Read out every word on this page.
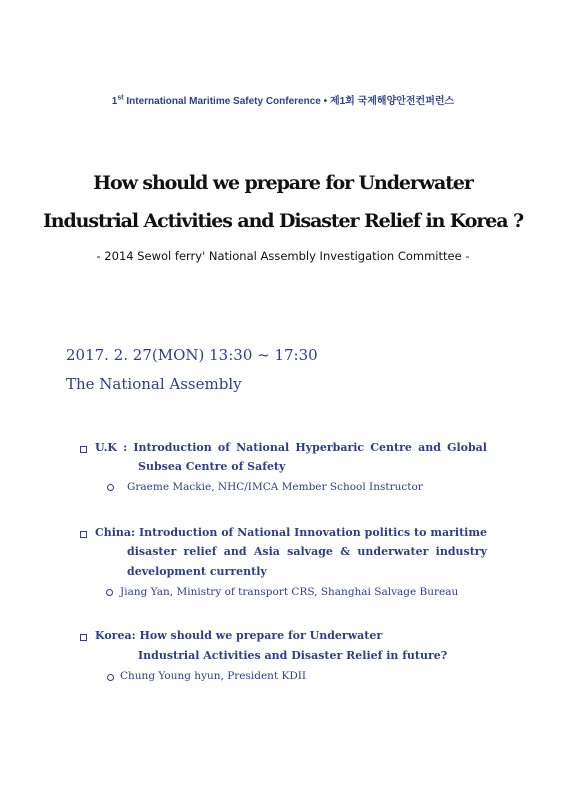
1st International Maritime Safety Conference • 제1회 국제해양안전컨퍼런스
How should we prepare for Underwater
Industrial Activities and Disaster Relief in Korea ?
- 2014 Sewol ferry' National Assembly Investigation Committee -
2017. 2. 27(MON) 13:30 ~ 17:30
The National Assembly
U.K : Introduction of National Hyperbaric Centre and Global
Subsea Centre of Safety
Graeme Mackie, NHC/IMCA Member School Instructor
China: Introduction of National Innovation politics to maritime
disaster relief and Asia salvage & underwater industry
development currently
Jiang Yan, Ministry of transport CRS, Shanghai Salvage Bureau
Korea: How should we prepare for Underwater
Industrial Activities and Disaster Relief in future?
Chung Young hyun, President KDII
